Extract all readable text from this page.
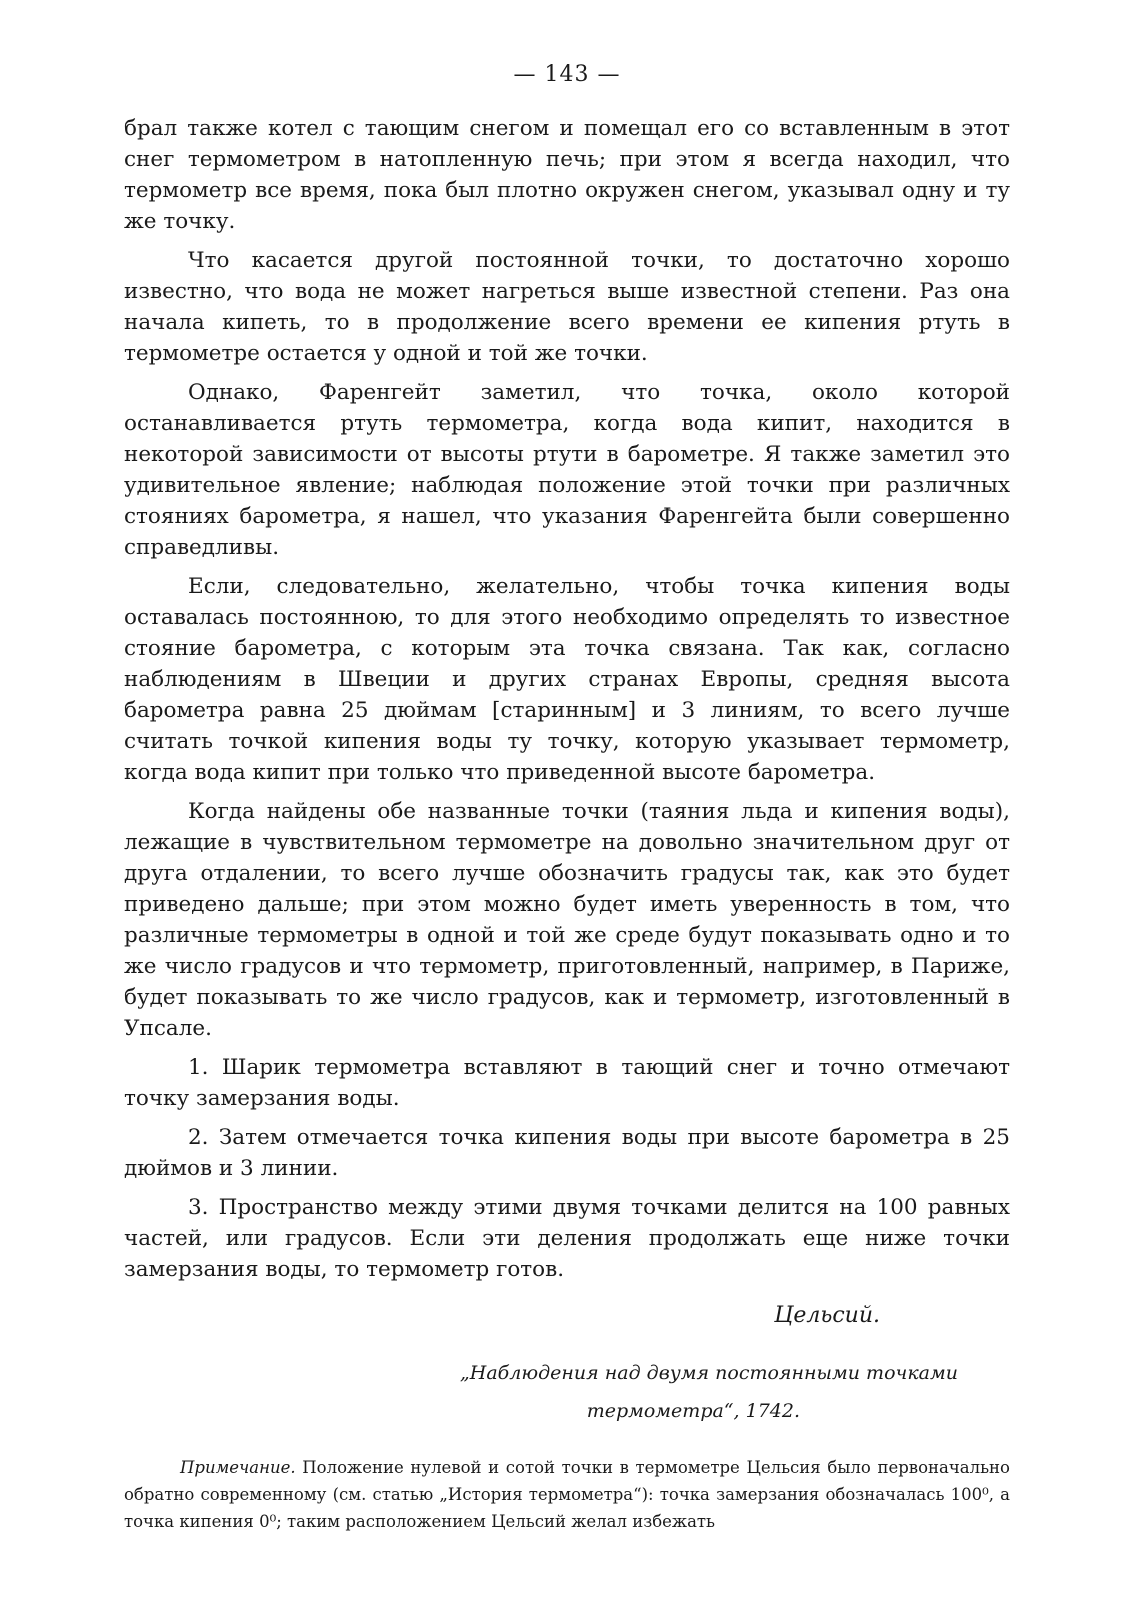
— 143 —

брал также котел с тающим снегом и помещал его со вставленным в этот снег термометром в натопленную печь; при этом я всегда находил, что термометр все время, пока был плотно окружен снегом, указывал одну и ту же точку.

Что касается другой постоянной точки, то достаточно хорошо известно, что вода не может нагреться выше известной степени. Раз она начала кипеть, то в продолжение всего времени ее кипения ртуть в термометре остается у одной и той же точки.

Однако, Фаренгейт заметил, что точка, около которой останавливается ртуть термометра, когда вода кипит, находится в некоторой зависимости от высоты ртути в барометре. Я также заметил это удивительное явление; наблюдая положение этой точки при различных стояниях барометра, я нашел, что указания Фаренгейта были совершенно справедливы.

Если, следовательно, желательно, чтобы точка кипения воды оставалась постоянною, то для этого необходимо определять то известное стояние барометра, с которым эта точка связана. Так как, согласно наблюдениям в Швеции и других странах Европы, средняя высота барометра равна 25 дюймам [старинным] и 3 линиям, то всего лучше считать точкой кипения воды ту точку, которую указывает термометр, когда вода кипит при только что приведенной высоте барометра.

Когда найдены обе названные точки (таяния льда и кипения воды), лежащие в чувствительном термометре на довольно значительном друг от друга отдалении, то всего лучше обозначить градусы так, как это будет приведено дальше; при этом можно будет иметь уверенность в том, что различные термометры в одной и той же среде будут показывать одно и то же число градусов и что термометр, приготовленный, например, в Париже, будет показывать то же число градусов, как и термометр, изготовленный в Упсале.

1. Шарик термометра вставляют в тающий снег и точно отмечают точку замерзания воды.

2. Затем отмечается точка кипения воды при высоте барометра в 25 дюймов и 3 линии.

3. Пространство между этими двумя точками делится на 100 равных частей, или градусов. Если эти деления продолжать еще ниже точки замерзания воды, то термометр готов.

Цельсий.
„Наблюдения над двумя постоянными точками
термометра“, 1742.

Примечание. Положение нулевой и сотой точки в термометре Цельсия было первоначально обратно современному (см. статью „История термометра“): точка замерзания обозначалась 100⁰, а точка кипения 0⁰; таким расположением Цельсий желал избежать
